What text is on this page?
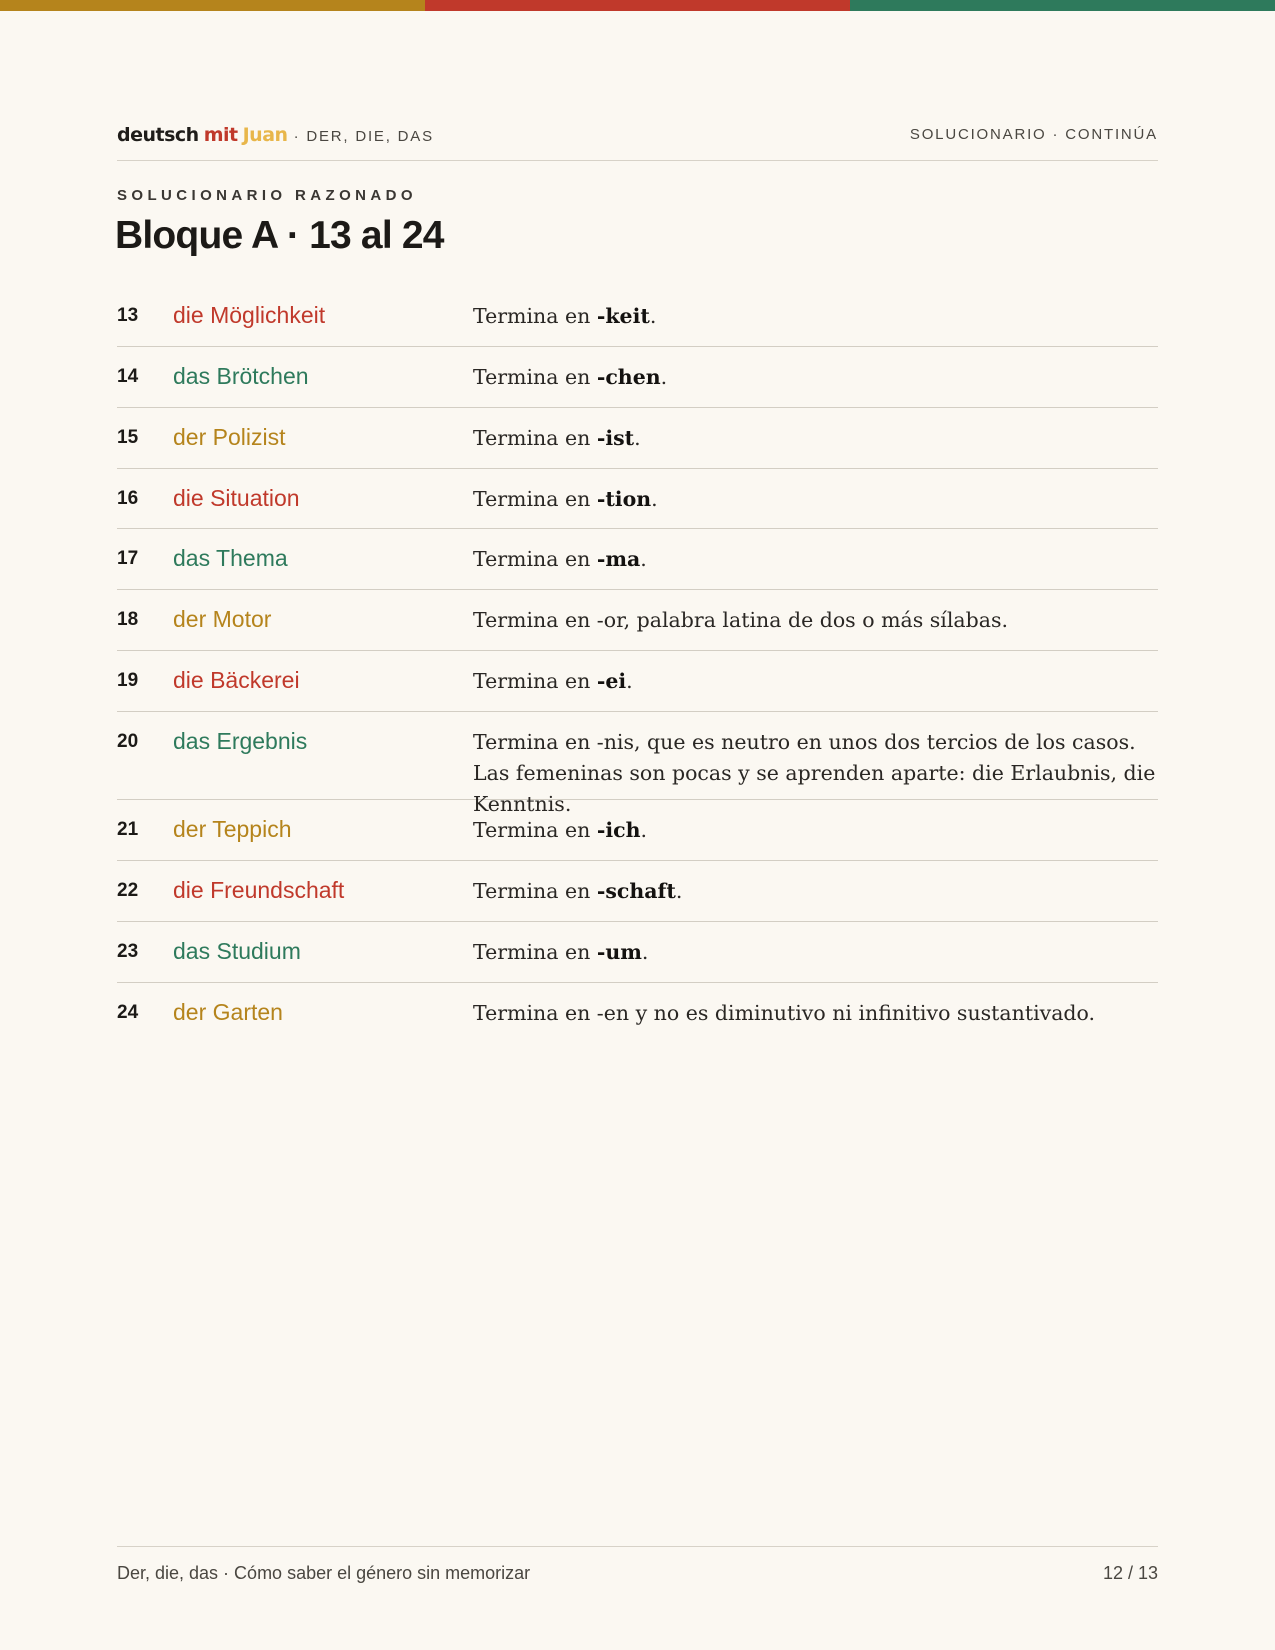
deutsch mit Juan · DER, DIE, DAS	SOLUCIONARIO · CONTINÚA
SOLUCIONARIO RAZONADO
Bloque A · 13 al 24
13	die Möglichkeit	Termina en -keit.
14	das Brötchen	Termina en -chen.
15	der Polizist	Termina en -ist.
16	die Situation	Termina en -tion.
17	das Thema	Termina en -ma.
18	der Motor	Termina en -or, palabra latina de dos o más sílabas.
19	die Bäckerei	Termina en -ei.
20	das Ergebnis	Termina en -nis, que es neutro en unos dos tercios de los casos. Las femeninas son pocas y se aprenden aparte: die Erlaubnis, die Kenntnis.
21	der Teppich	Termina en -ich.
22	die Freundschaft	Termina en -schaft.
23	das Studium	Termina en -um.
24	der Garten	Termina en -en y no es diminutivo ni infinitivo sustantivado.
Der, die, das · Cómo saber el género sin memorizar	12 / 13
